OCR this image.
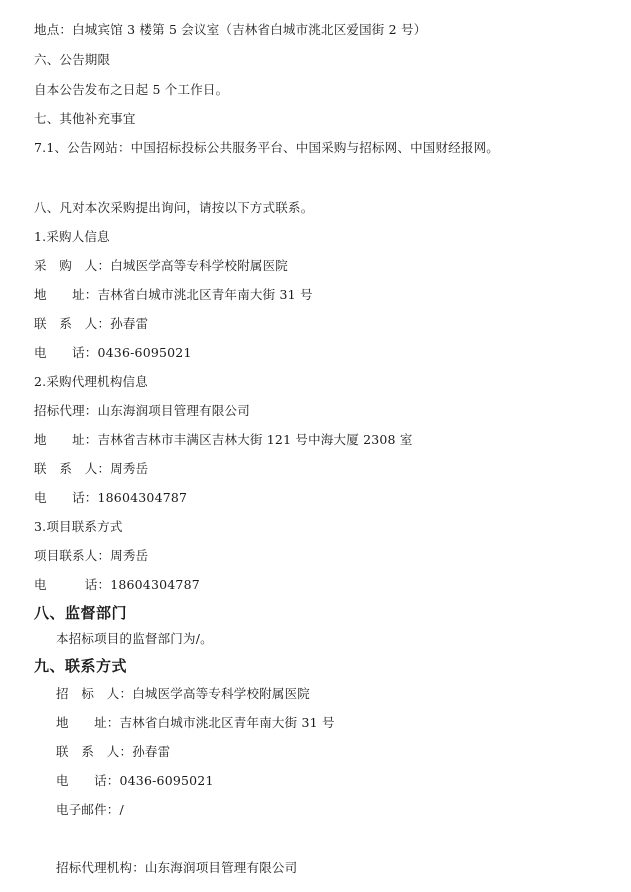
地点：白城宾馆 3 楼第 5 会议室（吉林省白城市洮北区爱国街 2 号）
六、公告期限
自本公告发布之日起 5 个工作日。
七、其他补充事宜
7.1、公告网站：中国招标投标公共服务平台、中国采购与招标网、中国财经报网。
八、凡对本次采购提出询问，请按以下方式联系。
1.采购人信息
采　购　人：白城医学高等专科学校附属医院
地　　址：吉林省白城市洮北区青年南大街 31 号
联　系　人：孙春雷
电　　话：0436-6095021
2.采购代理机构信息
招标代理：山东海润项目管理有限公司
地　　址：吉林省吉林市丰满区吉林大街 121 号中海大厦 2308 室
联　系　人：周秀岳
电　　话：18604304787
3.项目联系方式
项目联系人：周秀岳
电　　　话：18604304787
八、监督部门
本招标项目的监督部门为/。
九、联系方式
招　标　人：白城医学高等专科学校附属医院
地　　址：吉林省白城市洮北区青年南大街 31 号
联　系　人：孙春雷
电　　话：0436-6095021
电子邮件：/
招标代理机构：山东海润项目管理有限公司
